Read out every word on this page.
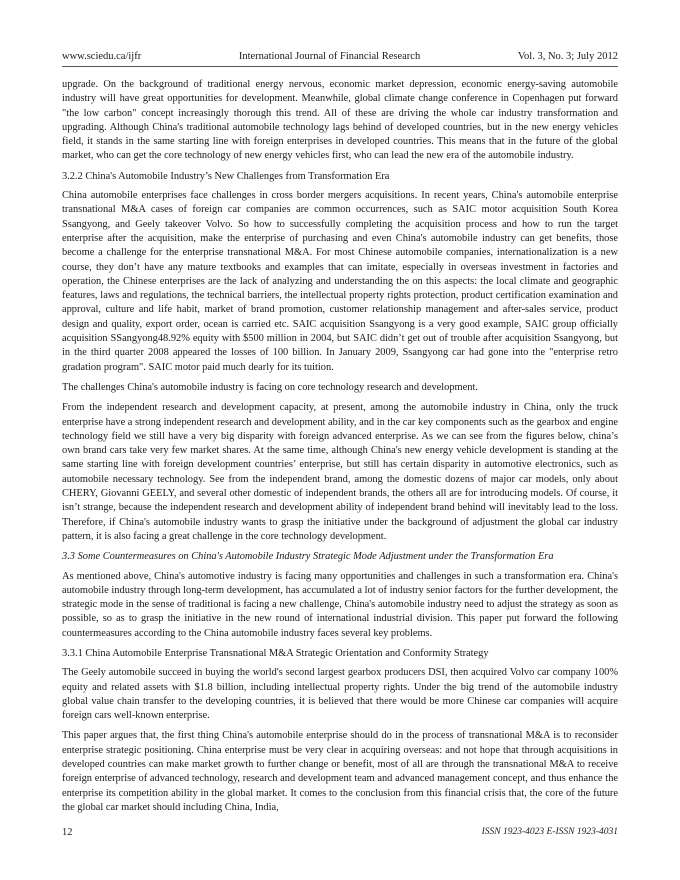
www.sciedu.ca/ijfr	International Journal of Financial Research	Vol. 3, No. 3; July 2012

upgrade. On the background of traditional energy nervous, economic market depression, economic energy-saving automobile industry will have great opportunities for development. Meanwhile, global climate change conference in Copenhagen put forward "the low carbon" concept increasingly thorough this trend. All of these are driving the whole car industry transformation and upgrading. Although China's traditional automobile technology lags behind of developed countries, but in the new energy vehicles field, it stands in the same starting line with foreign enterprises in developed countries. This means that in the future of the global market, who can get the core technology of new energy vehicles first, who can lead the new era of the automobile industry.

3.2.2 China's Automobile Industry’s New Challenges from Transformation Era

China automobile enterprises face challenges in cross border mergers acquisitions. In recent years, China's automobile enterprise transnational M&A cases of foreign car companies are common occurrences, such as SAIC motor acquisition South Korea Ssangyong, and Geely takeover Volvo. So how to successfully completing the acquisition process and how to run the target enterprise after the acquisition, make the enterprise of purchasing and even China's automobile industry can get benefits, those become a challenge for the enterprise transnational M&A. For most Chinese automobile companies, internationalization is a new course, they don’t have any mature textbooks and examples that can imitate, especially in overseas investment in factories and operation, the Chinese enterprises are the lack of analyzing and understanding the on this aspects: the local climate and geographic features, laws and regulations, the technical barriers, the intellectual property rights protection, product certification examination and approval, culture and life habit, market of brand promotion, customer relationship management and after-sales service, product design and quality, export order, ocean is carried etc. SAIC acquisition Ssangyong is a very good example, SAIC group officially acquisition SSangyong48.92% equity with $500 million in 2004, but SAIC didn’t get out of trouble after acquisition Ssangyong, but in the third quarter 2008 appeared the losses of 100 billion. In January 2009, Ssangyong car had gone into the "enterprise retro gradation program". SAIC motor paid much dearly for its tuition.

The challenges China's automobile industry is facing on core technology research and development.

From the independent research and development capacity, at present, among the automobile industry in China, only the truck enterprise have a strong independent research and development ability, and in the car key components such as the gearbox and engine technology field we still have a very big disparity with foreign advanced enterprise. As we can see from the figures below, china’s own brand cars take very few market shares. At the same time, although China's new energy vehicle development is standing at the same starting line with foreign development countries’ enterprise, but still has certain disparity in automotive electronics, such as automobile necessary technology. See from the independent brand, among the domestic dozens of major car models, only about CHERY, Giovanni GEELY, and several other domestic of independent brands, the others all are for introducing models. Of course, it isn’t strange, because the independent research and development ability of independent brand behind will inevitably lead to the loss. Therefore, if China's automobile industry wants to grasp the initiative under the background of adjustment the global car industry pattern, it is also facing a great challenge in the core technology development.

3.3 Some Countermeasures on China's Automobile Industry Strategic Mode Adjustment under the Transformation Era

As mentioned above, China's automotive industry is facing many opportunities and challenges in such a transformation era. China's automobile industry through long-term development, has accumulated a lot of industry senior factors for the further development, the strategic mode in the sense of traditional is facing a new challenge, China's automobile industry need to adjust the strategy as soon as possible, so as to grasp the initiative in the new round of international industrial division. This paper put forward the following countermeasures according to the China automobile industry faces several key problems.

3.3.1 China Automobile Enterprise Transnational M&A Strategic Orientation and Conformity Strategy

The Geely automobile succeed in buying the world's second largest gearbox producers DSI, then acquired Volvo car company 100% equity and related assets with $1.8 billion, including intellectual property rights. Under the big trend of the automobile industry global value chain transfer to the developing countries, it is believed that there would be more Chinese car companies will acquire foreign cars well-known enterprise.

This paper argues that, the first thing China's automobile enterprise should do in the process of transnational M&A is to reconsider enterprise strategic positioning. China enterprise must be very clear in acquiring overseas: and not hope that through acquisitions in developed countries can make market growth to further change or benefit, most of all are through the transnational M&A to receive foreign enterprise of advanced technology, research and development team and advanced management concept, and thus enhance the enterprise its competition ability in the global market. It comes to the conclusion from this financial crisis that, the core of the future the global car market should including China, India,

12	ISSN 1923-4023 E-ISSN 1923-4031
